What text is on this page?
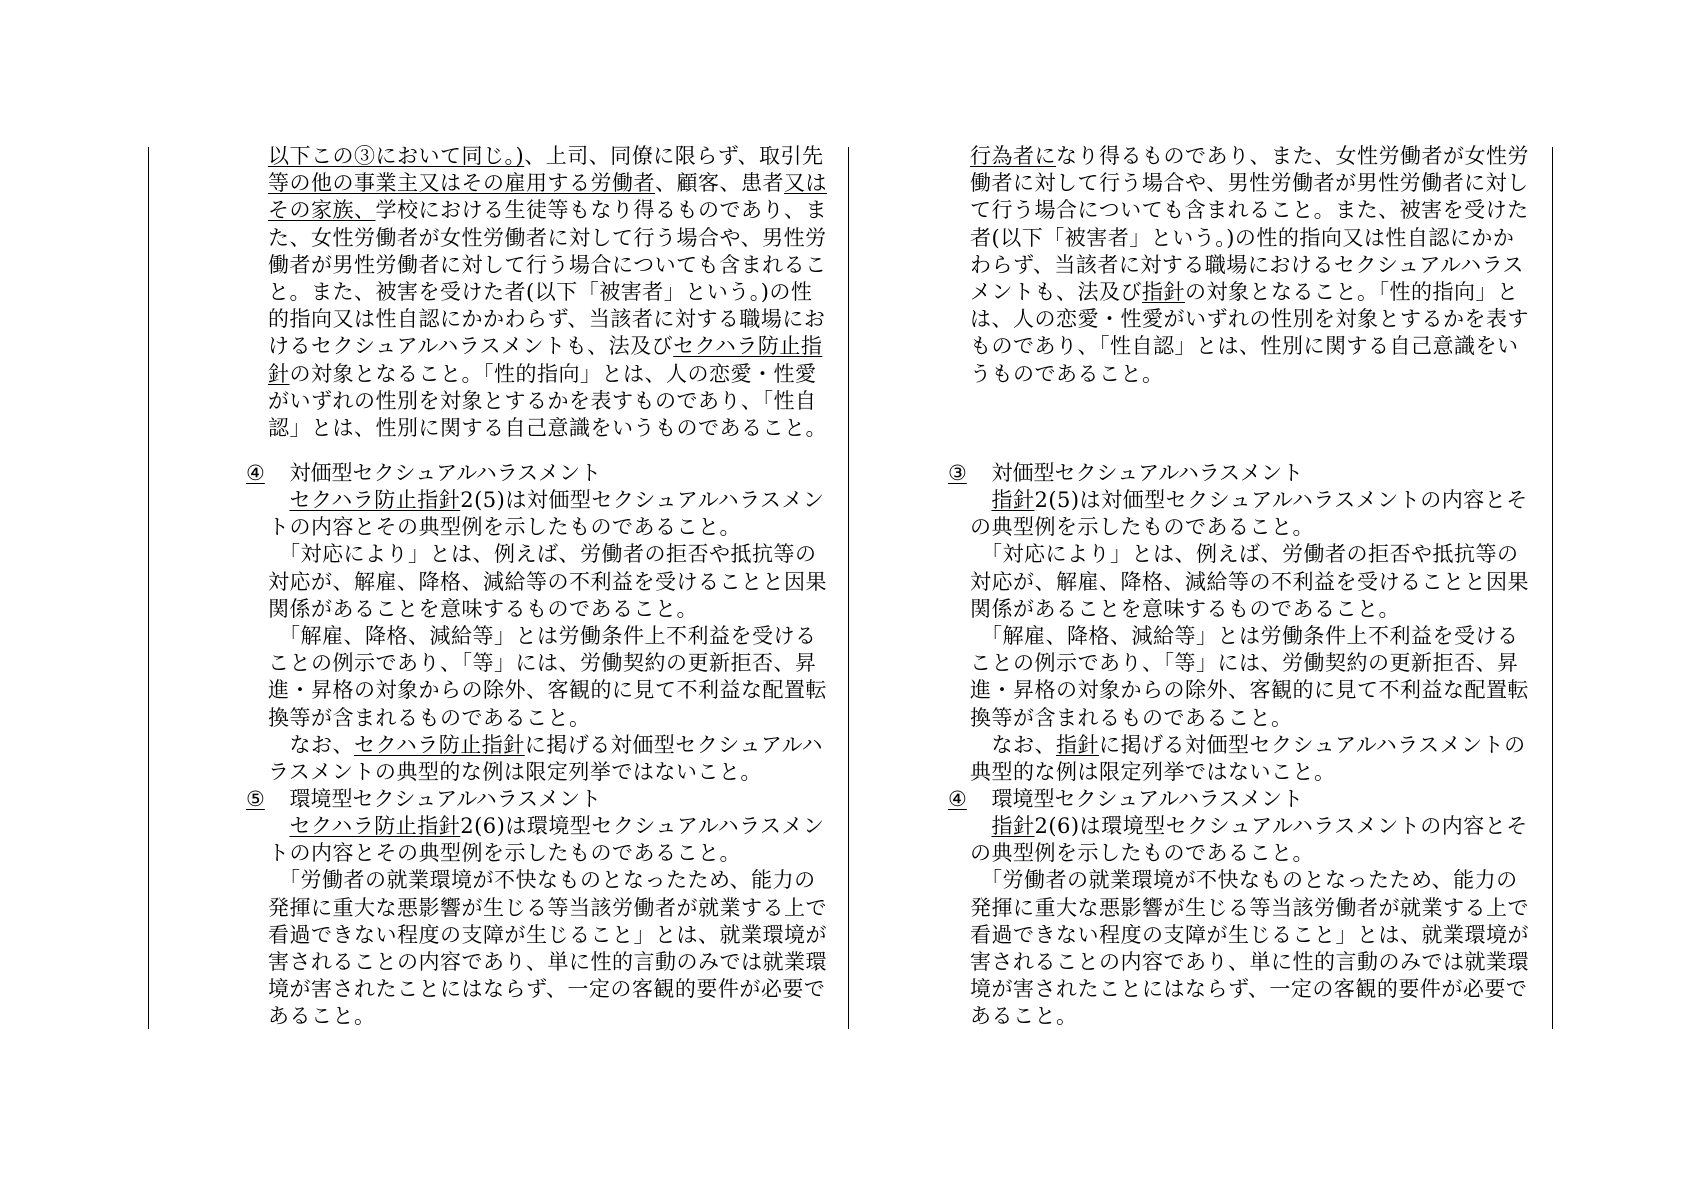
以下この③において同じ。)、上司、同僚に限らず、取引先
等の他の事業主又はその雇用する労働者、顧客、患者又は
その家族、学校における生徒等もなり得るものであり、ま
た、女性労働者が女性労働者に対して行う場合や、男性労
働者が男性労働者に対して行う場合についても含まれるこ
と。また、被害を受けた者(以下「被害者」という。)の性
的指向又は性自認にかかわらず、当該者に対する職場にお
けるセクシュアルハラスメントも、法及びセクハラ防止指
針の対象となること。「性的指向」とは、人の恋愛・性愛
がいずれの性別を対象とするかを表すものであり、「性自
認」とは、性別に関する自己意識をいうものであること。
④ 対価型セクシュアルハラスメント
　セクハラ防止指針2(5)は対価型セクシュアルハラスメン
トの内容とその典型例を示したものであること。
　「対応により」とは、例えば、労働者の拒否や抵抗等の
対応が、解雇、降格、減給等の不利益を受けることと因果
関係があることを意味するものであること。
　「解雇、降格、減給等」とは労働条件上不利益を受ける
ことの例示であり、「等」には、労働契約の更新拒否、昇
進・昇格の対象からの除外、客観的に見て不利益な配置転
換等が含まれるものであること。
　なお、セクハラ防止指針に掲げる対価型セクシュアルハ
ラスメントの典型的な例は限定列挙ではないこと。
⑤ 環境型セクシュアルハラスメント
　セクハラ防止指針2(6)は環境型セクシュアルハラスメン
トの内容とその典型例を示したものであること。
　「労働者の就業環境が不快なものとなったため、能力の
発揮に重大な悪影響が生じる等当該労働者が就業する上で
看過できない程度の支障が生じること」とは、就業環境が
害されることの内容であり、単に性的言動のみでは就業環
境が害されたことにはならず、一定の客観的要件が必要で
あること。
行為者になり得るものであり、また、女性労働者が女性労
働者に対して行う場合や、男性労働者が男性労働者に対し
て行う場合についても含まれること。また、被害を受けた
者(以下「被害者」という。)の性的指向又は性自認にかか
わらず、当該者に対する職場におけるセクシュアルハラス
メントも、法及び指針の対象となること。「性的指向」と
は、人の恋愛・性愛がいずれの性別を対象とするかを表す
ものであり、「性自認」とは、性別に関する自己意識をい
うものであること。
③ 対価型セクシュアルハラスメント
　指針2(5)は対価型セクシュアルハラスメントの内容とそ
の典型例を示したものであること。
　「対応により」とは、例えば、労働者の拒否や抵抗等の
対応が、解雇、降格、減給等の不利益を受けることと因果
関係があることを意味するものであること。
　「解雇、降格、減給等」とは労働条件上不利益を受ける
ことの例示であり、「等」には、労働契約の更新拒否、昇
進・昇格の対象からの除外、客観的に見て不利益な配置転
換等が含まれるものであること。
　なお、指針に掲げる対価型セクシュアルハラスメントの
典型的な例は限定列挙ではないこと。
④ 環境型セクシュアルハラスメント
　指針2(6)は環境型セクシュアルハラスメントの内容とそ
の典型例を示したものであること。
　「労働者の就業環境が不快なものとなったため、能力の
発揮に重大な悪影響が生じる等当該労働者が就業する上で
看過できない程度の支障が生じること」とは、就業環境が
害されることの内容であり、単に性的言動のみでは就業環
境が害されたことにはならず、一定の客観的要件が必要で
あること。
